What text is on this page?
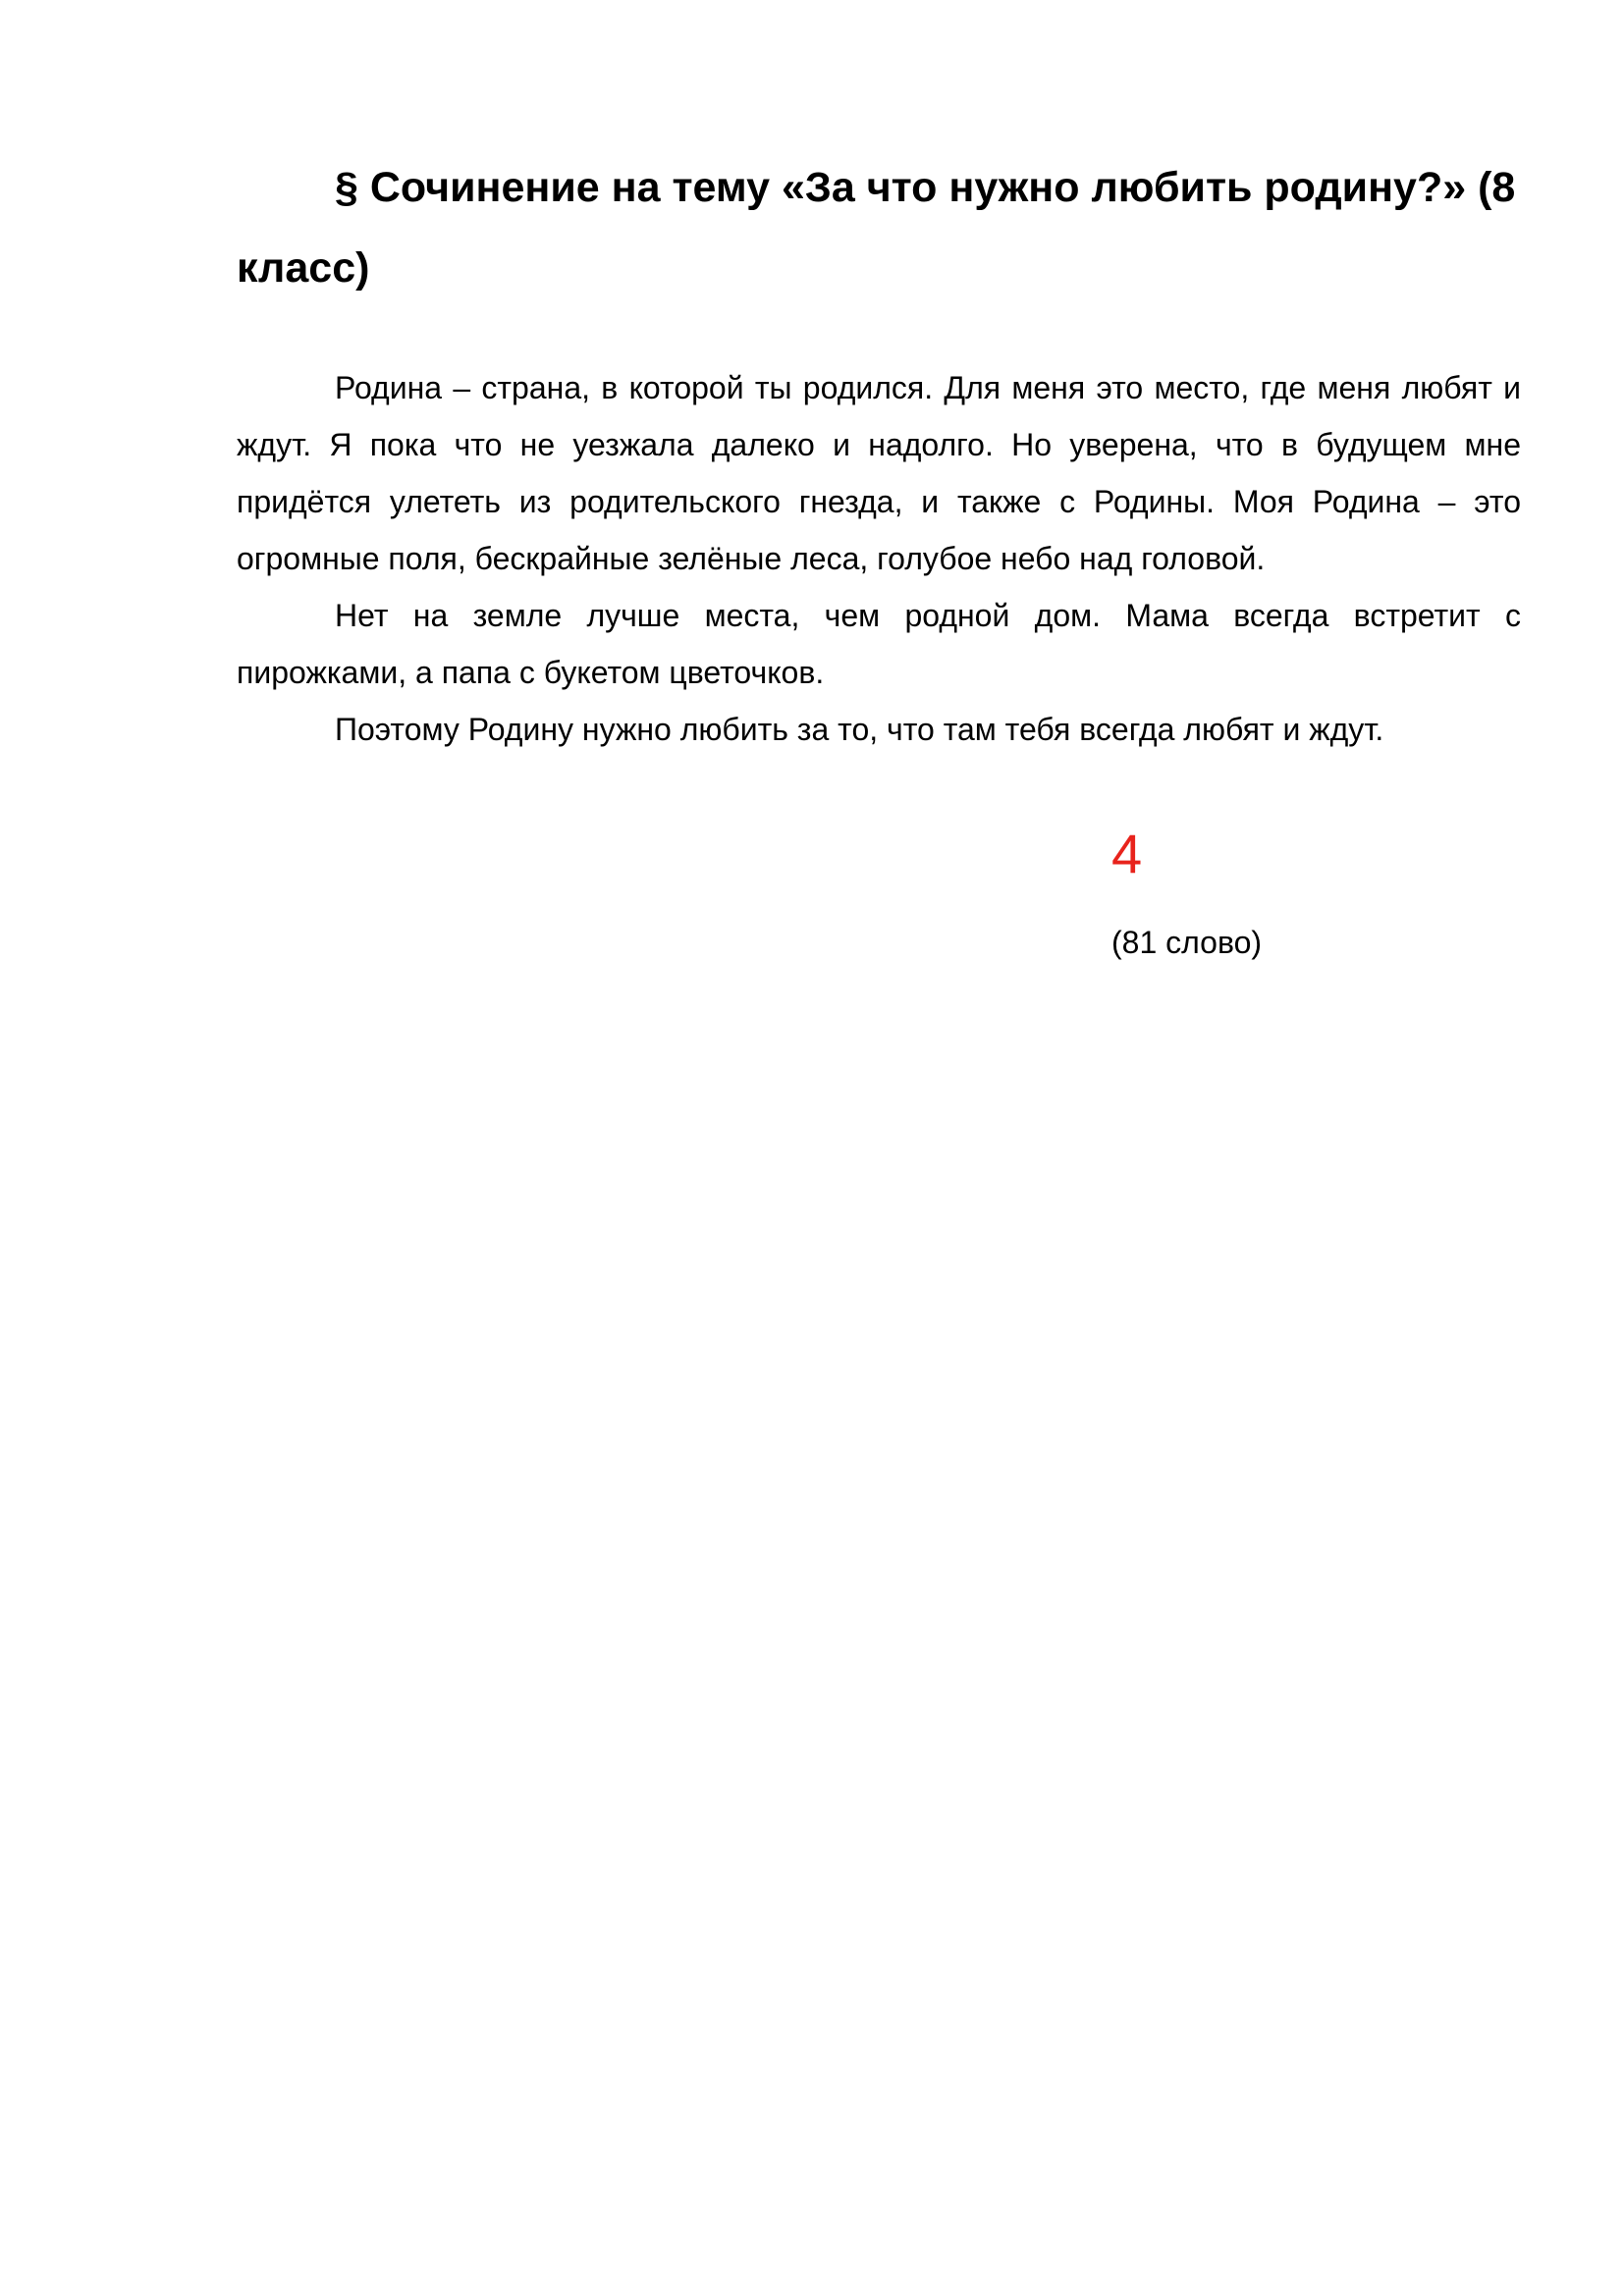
§ Сочинение на тему «За что нужно любить родину?» (8 класс)

Родина – страна, в которой ты родился. Для меня это место, где меня любят и ждут. Я пока что не уезжала далеко и надолго. Но уверена, что в будущем мне придётся улететь из родительского гнезда, и также с Родины. Моя Родина – это огромные поля, бескрайные зелёные леса, голубое небо над головой.

Нет на земле лучше места, чем родной дом. Мама всегда встретит с пирожками, а папа с букетом цветочков.

Поэтому Родину нужно любить за то, что там тебя всегда любят и ждут.

4
(81 слово)
